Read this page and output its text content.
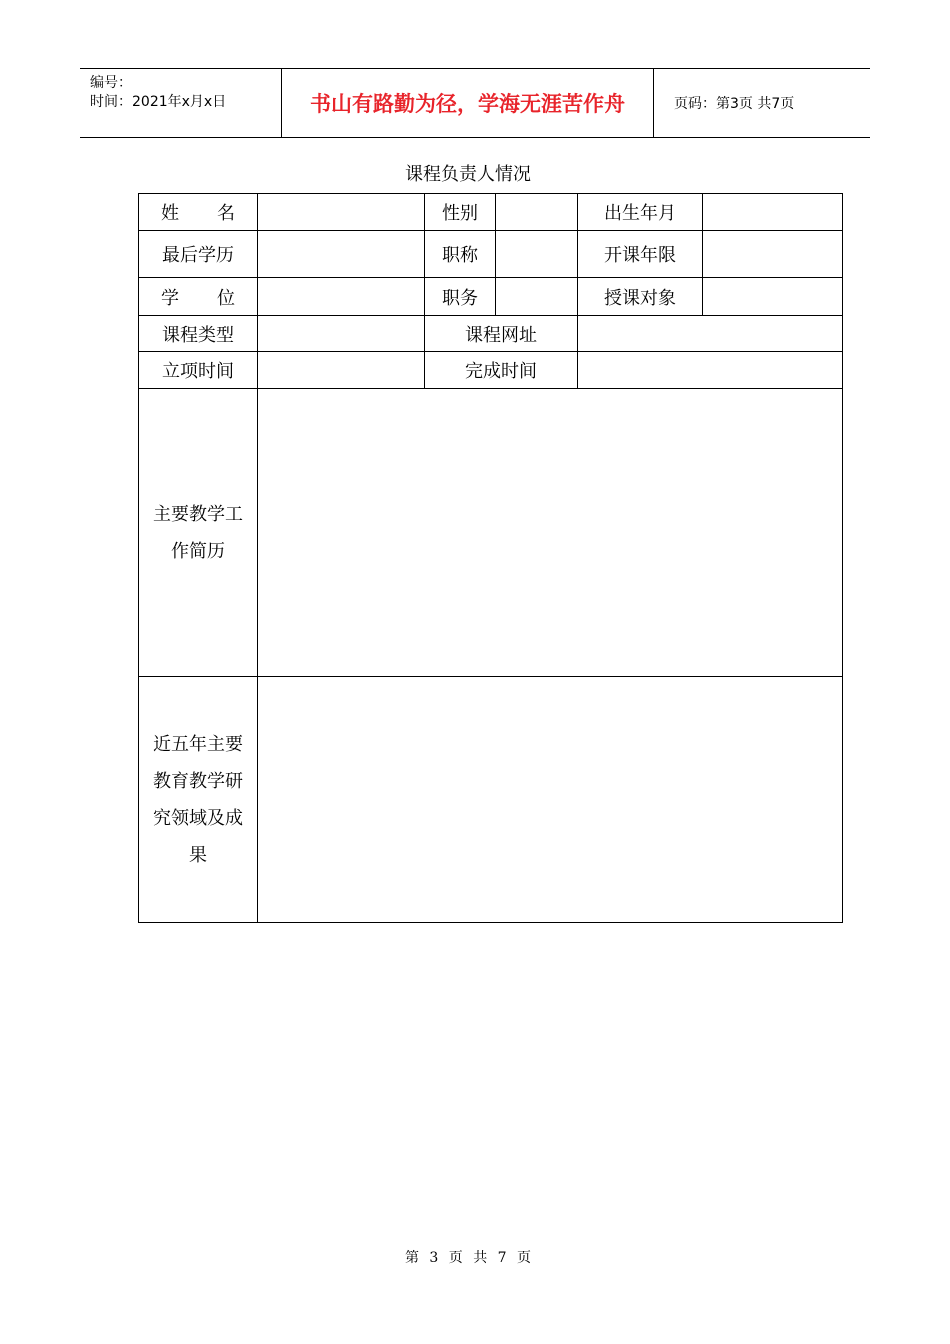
编号：
时间：2021年x月x日	书山有路勤为径，学海无涯苦作舟	页码：第3页 共7页
课程负责人情况
姓 名	性别	出生年月
最后学历	职称	开课年限
学 位	职务	授课对象
课程类型	课程网址
立项时间	完成时间
主要教学工
作简历
近五年主要
教育教学研
究领域及成
果
第 3 页 共 7 页
